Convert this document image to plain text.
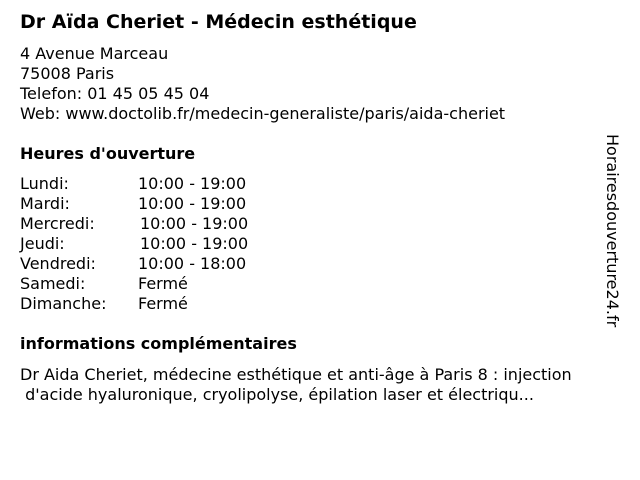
Dr Aïda Cheriet - Médecin esthétique
4 Avenue Marceau
75008 Paris
Telefon: 01 45 05 45 04
Web: www.doctolib.fr/medecin-generaliste/paris/aida-cheriet
Heures d'ouverture
Lundi:	10:00 - 19:00
Mardi:	10:00 - 19:00
Mercredi:	10:00 - 19:00
Jeudi:	10:00 - 19:00
Vendredi:	10:00 - 18:00
Samedi:	Fermé
Dimanche: Fermé
informations complémentaires
Dr Aida Cheriet, médecine esthétique et anti-âge à Paris 8 : injection
d'acide hyaluronique, cryolipolyse, épilation laser et électriqu...
Horairesdouverture24.fr
